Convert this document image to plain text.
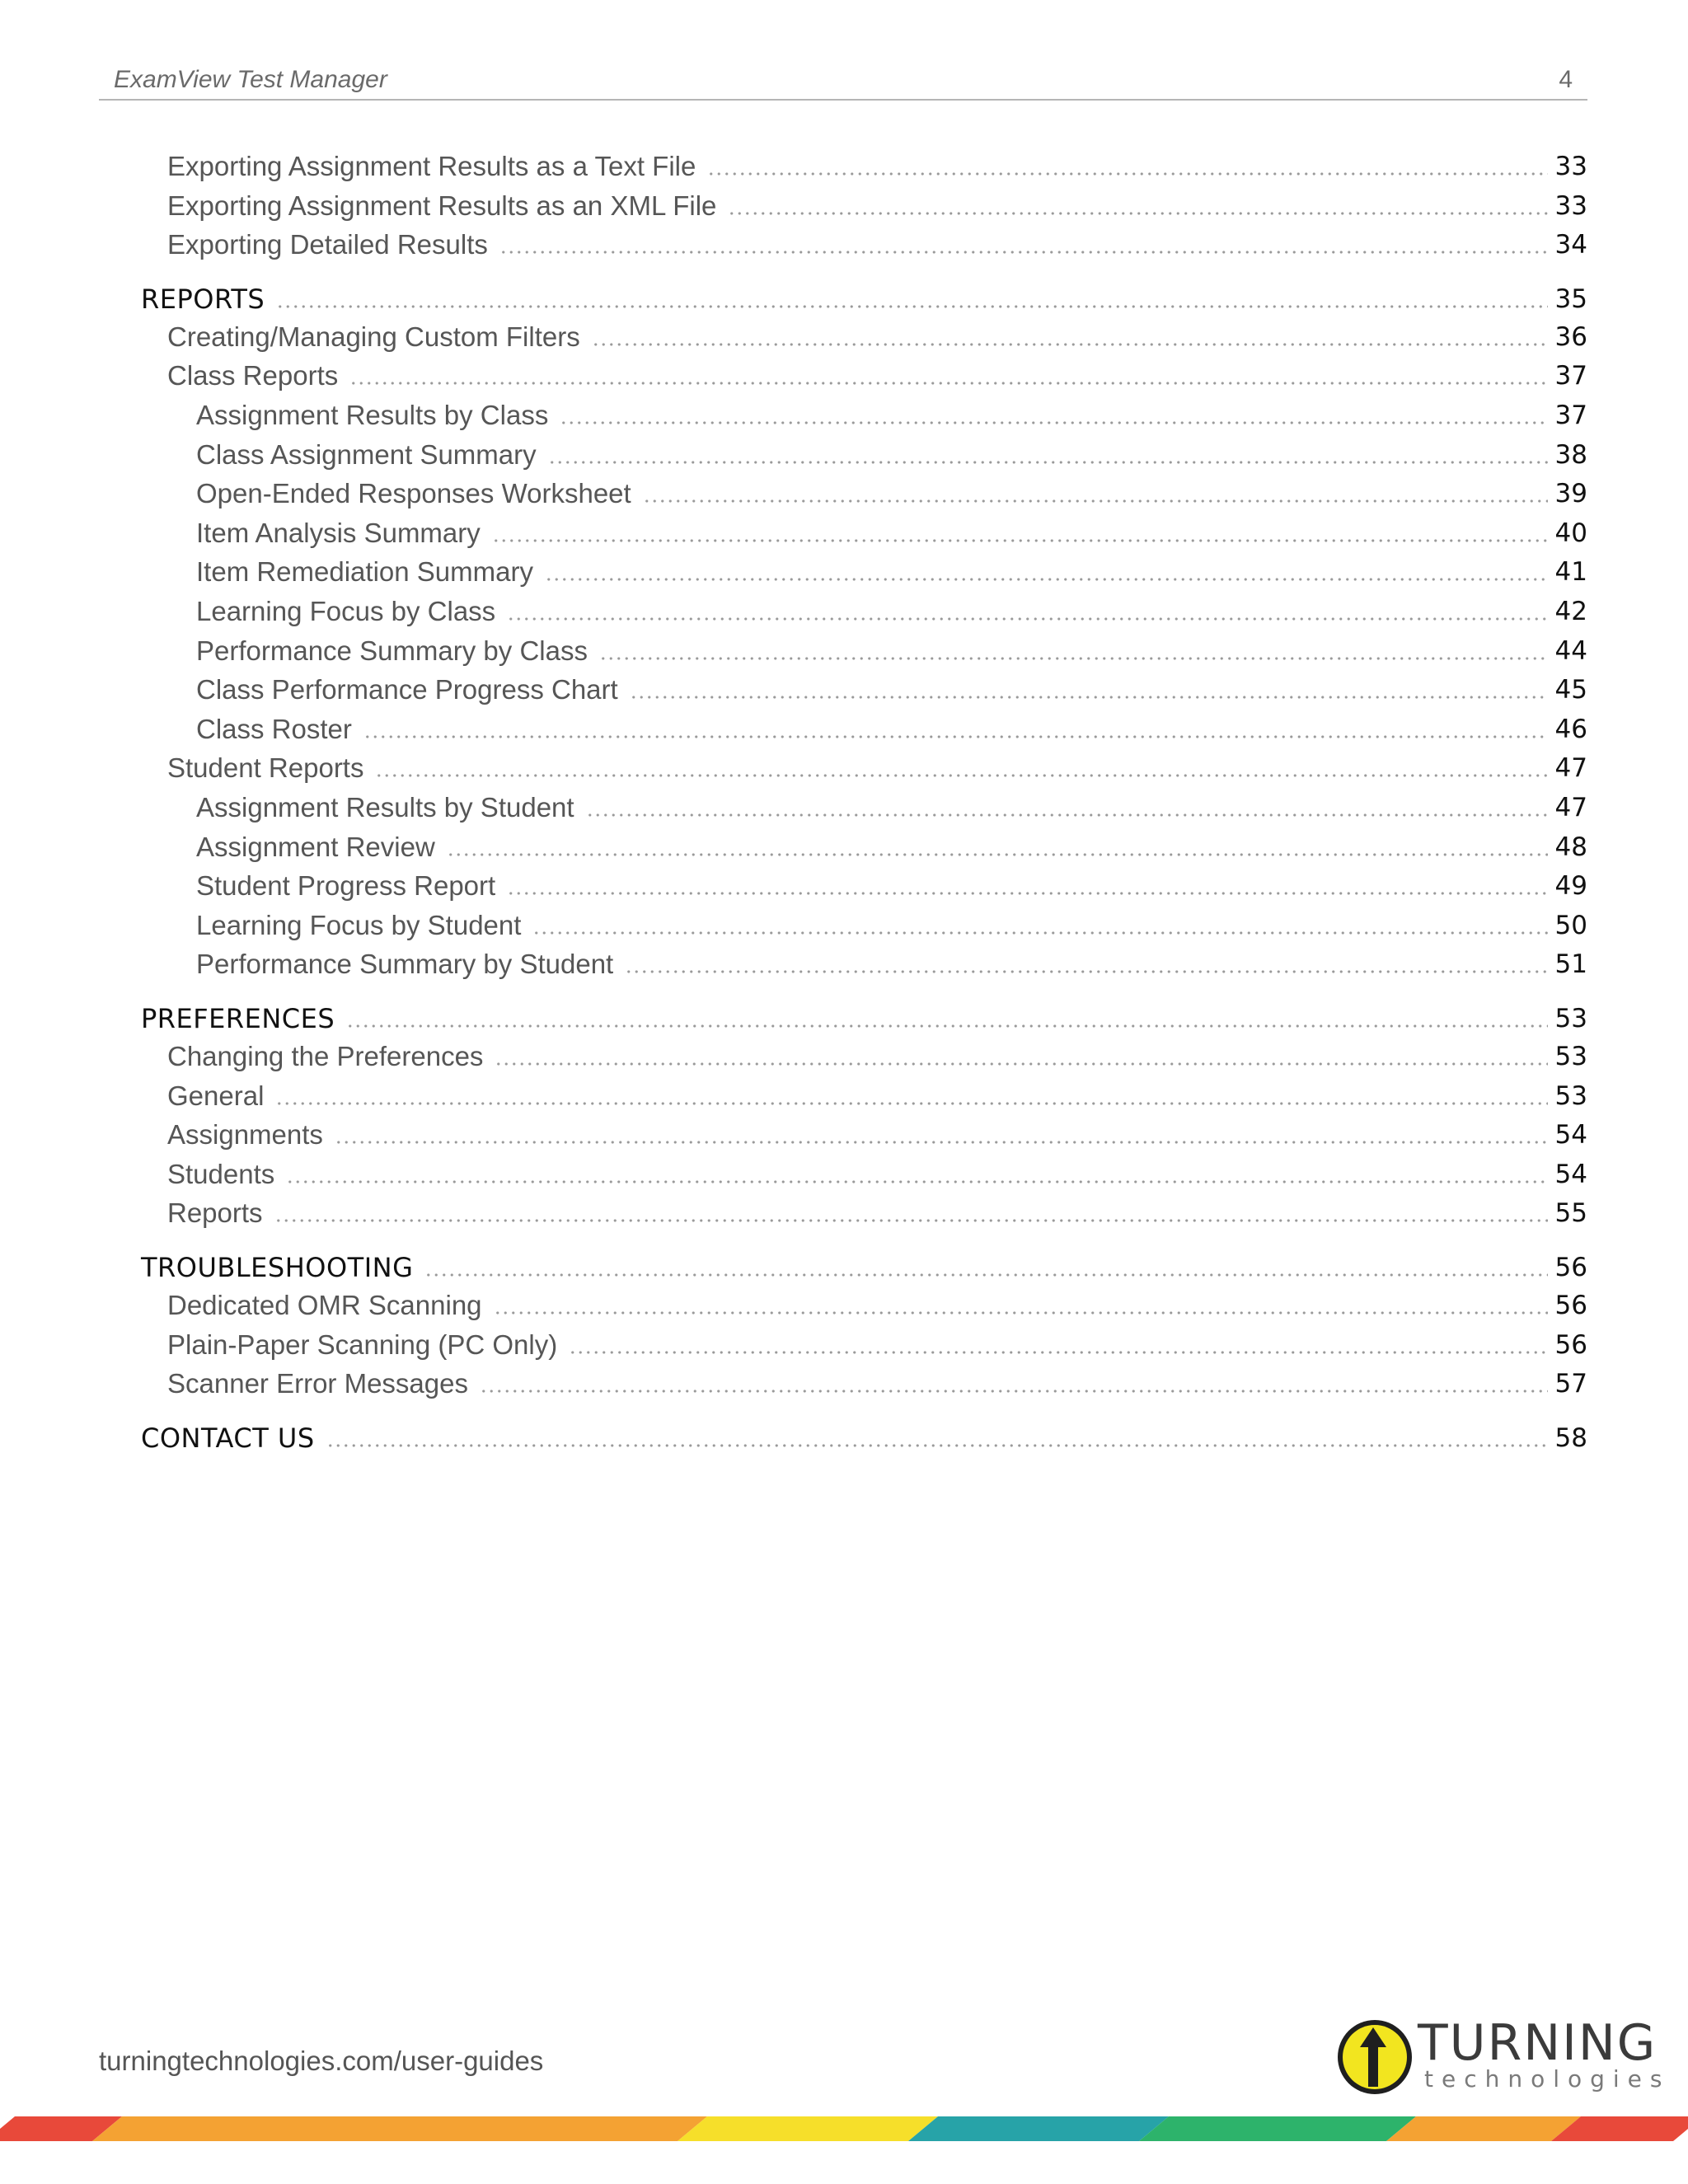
ExamView Test Manager	4
Exporting Assignment Results as a Text File	33
Exporting Assignment Results as an XML File	33
Exporting Detailed Results	34
REPORTS	35
Creating/Managing Custom Filters	36
Class Reports	37
Assignment Results by Class	37
Class Assignment Summary	38
Open-Ended Responses Worksheet	39
Item Analysis Summary	40
Item Remediation Summary	41
Learning Focus by Class	42
Performance Summary by Class	44
Class Performance Progress Chart	45
Class Roster	46
Student Reports	47
Assignment Results by Student	47
Assignment Review	48
Student Progress Report	49
Learning Focus by Student	50
Performance Summary by Student	51
PREFERENCES	53
Changing the Preferences	53
General	53
Assignments	54
Students	54
Reports	55
TROUBLESHOOTING	56
Dedicated OMR Scanning	56
Plain-Paper Scanning (PC Only)	56
Scanner Error Messages	57
CONTACT US	58
turningtechnologies.com/user-guides	TURNING
technologies
